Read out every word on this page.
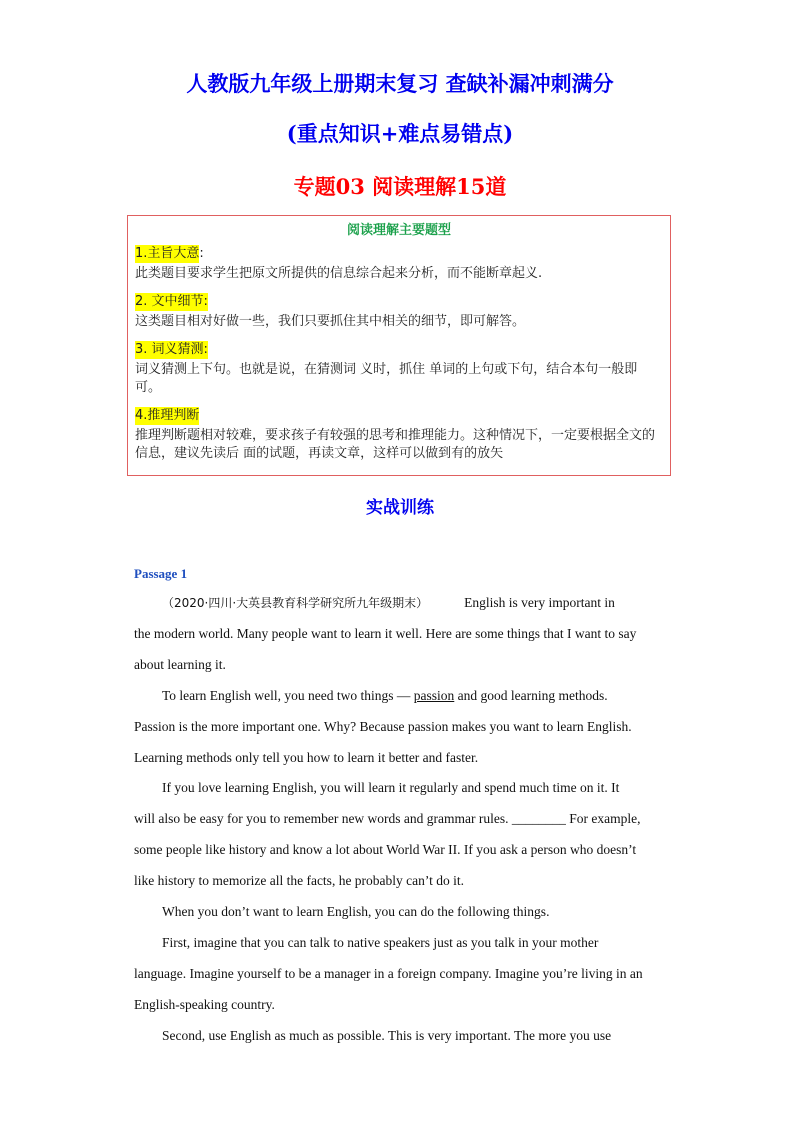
人教版九年级上册期末复习 查缺补漏冲刺满分
(重点知识+难点易错点)
专题03 阅读理解15道
阅读理解主要题型
1.主旨大意:
此类题目要求学生把原文所提供的信息综合起来分析，而不能断章起义.
2. 文中细节:
这类题目相对好做一些，我们只要抓住其中相关的细节，即可解答。
3. 词义猜测:
词义猜测上下句。也就是说，在猜测词 义时，抓住 单词的上句或下句，结合本句一般即可。
4.推理判断
推理判断题相对较难，要求孩子有较强的思考和推理能力。这种情况下，一定要根据全文的信息，建议先读后 面的试题，再读文章，这样可以做到有的放矢
实战训练
Passage 1
（2020·四川·大英县教育科学研究所九年级期末）	English is very important in
the modern world. Many people want to learn it well. Here are some things that I want to say
about learning it.
To learn English well, you need two things — passion and good learning methods.
Passion is the more important one. Why? Because passion makes you want to learn English.
Learning methods only tell you how to learn it better and faster.
If you love learning English, you will learn it regularly and spend much time on it. It
will also be easy for you to remember new words and grammar rules. ________ For example,
some people like history and know a lot about World War II. If you ask a person who doesn’t
like history to memorize all the facts, he probably can’t do it.
When you don’t want to learn English, you can do the following things.
First, imagine that you can talk to native speakers just as you talk in your mother
language. Imagine yourself to be a manager in a foreign company. Imagine you’re living in an
English-speaking country.
Second, use English as much as possible. This is very important. The more you use
